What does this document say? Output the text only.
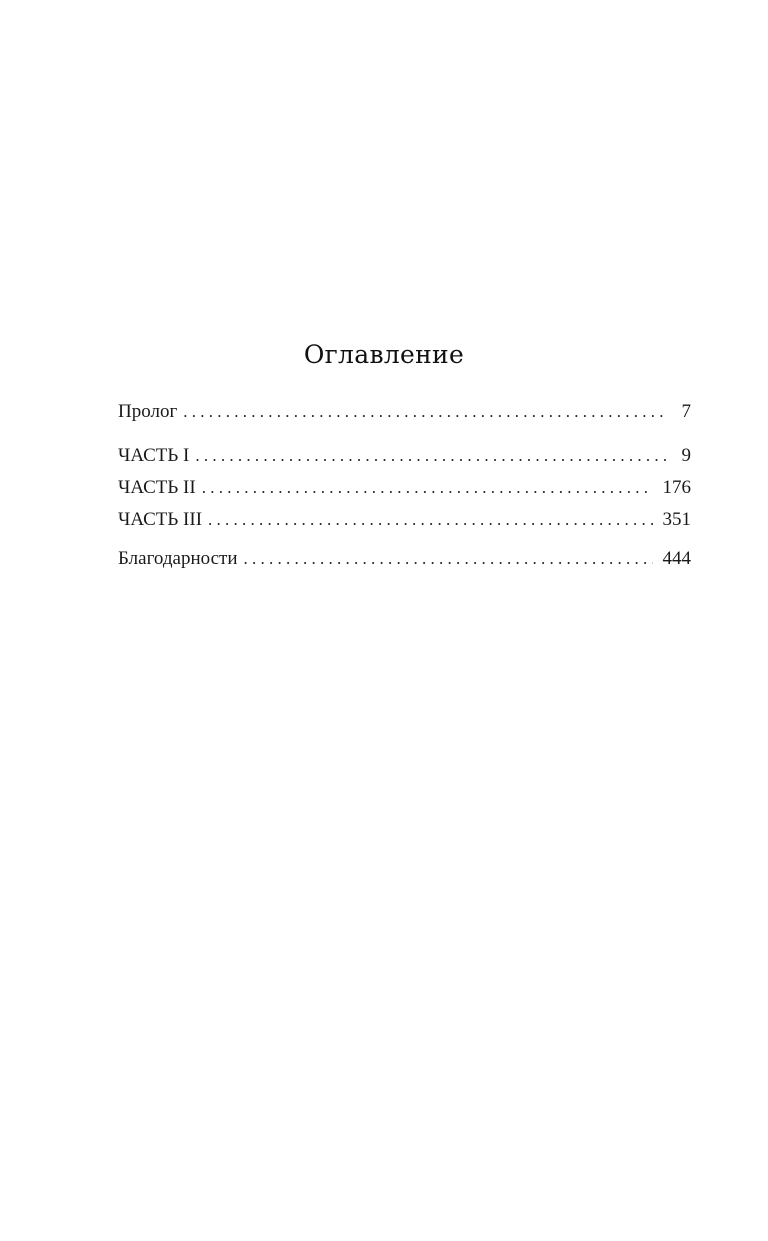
Оглавление
Пролог . . .	7
ЧАСТЬ I . . .	9
ЧАСТЬ II . . .	176
ЧАСТЬ III . . .	351
Благодарности . . .	444
